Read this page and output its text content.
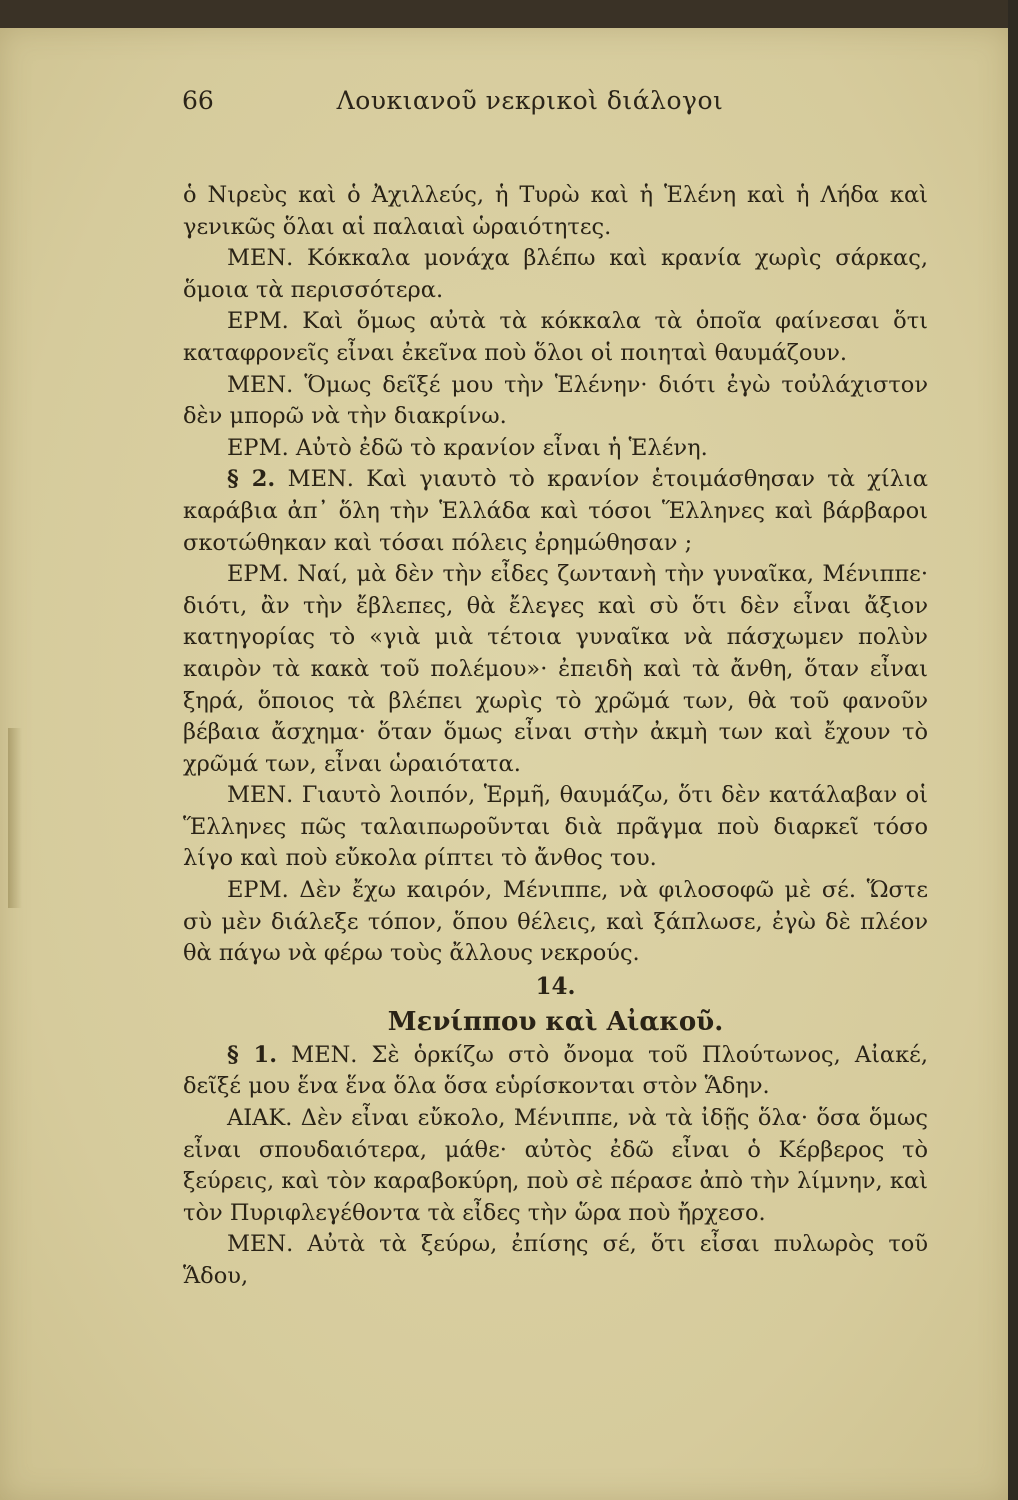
66	Λουκιανοῦ νεκρικοὶ διάλογοι

ὁ Νιρεὺς καὶ ὁ Ἀχιλλεύς, ἡ Τυρὼ καὶ ἡ Ἑλένη καὶ ἡ Λήδα καὶ γενικῶς ὅλαι αἱ παλαιαὶ ὡραιότητες.

ΜΕΝ. Κόκκαλα μονάχα βλέπω καὶ κρανία χωρὶς σάρκας, ὅμοια τὰ περισσότερα.

ΕΡΜ. Καὶ ὅμως αὐτὰ τὰ κόκκαλα τὰ ὁποῖα φαίνεσαι ὅτι καταφρονεῖς εἶναι ἐκεῖνα ποὺ ὅλοι οἱ ποιηταὶ θαυμάζουν.

ΜΕΝ. Ὅμως δεῖξέ μου τὴν Ἑλένην· διότι ἐγὼ τοὐλάχιστον δὲν μπορῶ νὰ τὴν διακρίνω.

ΕΡΜ. Αὐτὸ ἐδῶ τὸ κρανίον εἶναι ἡ Ἑλένη.

§ 2. ΜΕΝ. Καὶ γιαυτὸ τὸ κρανίον ἑτοιμάσθησαν τὰ χίλια καράβια ἀπ᾽ ὅλη τὴν Ἑλλάδα καὶ τόσοι Ἕλληνες καὶ βάρβαροι σκοτώθηκαν καὶ τόσαι πόλεις ἐρημώθησαν ;

ΕΡΜ. Ναί, μὰ δὲν τὴν εἶδες ζωντανὴ τὴν γυναῖκα, Μένιππε· διότι, ἂν τὴν ἔβλεπες, θὰ ἔλεγες καὶ σὺ ὅτι δὲν εἶναι ἄξιον κατηγορίας τὸ «γιὰ μιὰ τέτοια γυναῖκα νὰ πάσχωμεν πολὺν καιρὸν τὰ κακὰ τοῦ πολέμου»· ἐπειδὴ καὶ τὰ ἄνθη, ὅταν εἶναι ξηρά, ὅποιος τὰ βλέπει χωρὶς τὸ χρῶμά των, θὰ τοῦ φανοῦν βέβαια ἄσχημα· ὅταν ὅμως εἶναι στὴν ἀκμὴ των καὶ ἔχουν τὸ χρῶμά των, εἶναι ὡραιότατα.

ΜΕΝ. Γιαυτὸ λοιπόν, Ἑρμῆ, θαυμάζω, ὅτι δὲν κατάλαβαν οἱ Ἕλληνες πῶς ταλαιπωροῦνται διὰ πρᾶγμα ποὺ διαρκεῖ τόσο λίγο καὶ ποὺ εὔκολα ρίπτει τὸ ἄνθος του.

ΕΡΜ. Δὲν ἔχω καιρόν, Μένιππε, νὰ φιλοσοφῶ μὲ σέ. Ὥστε σὺ μὲν διάλεξε τόπον, ὅπου θέλεις, καὶ ξάπλωσε, ἐγὼ δὲ πλέον θὰ πάγω νὰ φέρω τοὺς ἄλλους νεκρούς.

14.

Μενίππου καὶ Αἰακοῦ.

§ 1. ΜΕΝ. Σὲ ὁρκίζω στὸ ὄνομα τοῦ Πλούτωνος, Αἰακέ, δεῖξέ μου ἕνα ἕνα ὅλα ὅσα εὑρίσκονται στὸν Ἅδην.

ΑΙΑΚ. Δὲν εἶναι εὔκολο, Μένιππε, νὰ τὰ ἰδῇς ὅλα· ὅσα ὅμως εἶναι σπουδαιότερα, μάθε· αὐτὸς ἐδῶ εἶναι ὁ Κέρβερος τὸ ξεύρεις, καὶ τὸν καραβοκύρη, ποὺ σὲ πέρασε ἀπὸ τὴν λίμνην, καὶ τὸν Πυριφλεγέθοντα τὰ εἶδες τὴν ὥρα ποὺ ἤρχεσο.

ΜΕΝ. Αὐτὰ τὰ ξεύρω, ἐπίσης σέ, ὅτι εἶσαι πυλωρὸς τοῦ Ἅδου,
